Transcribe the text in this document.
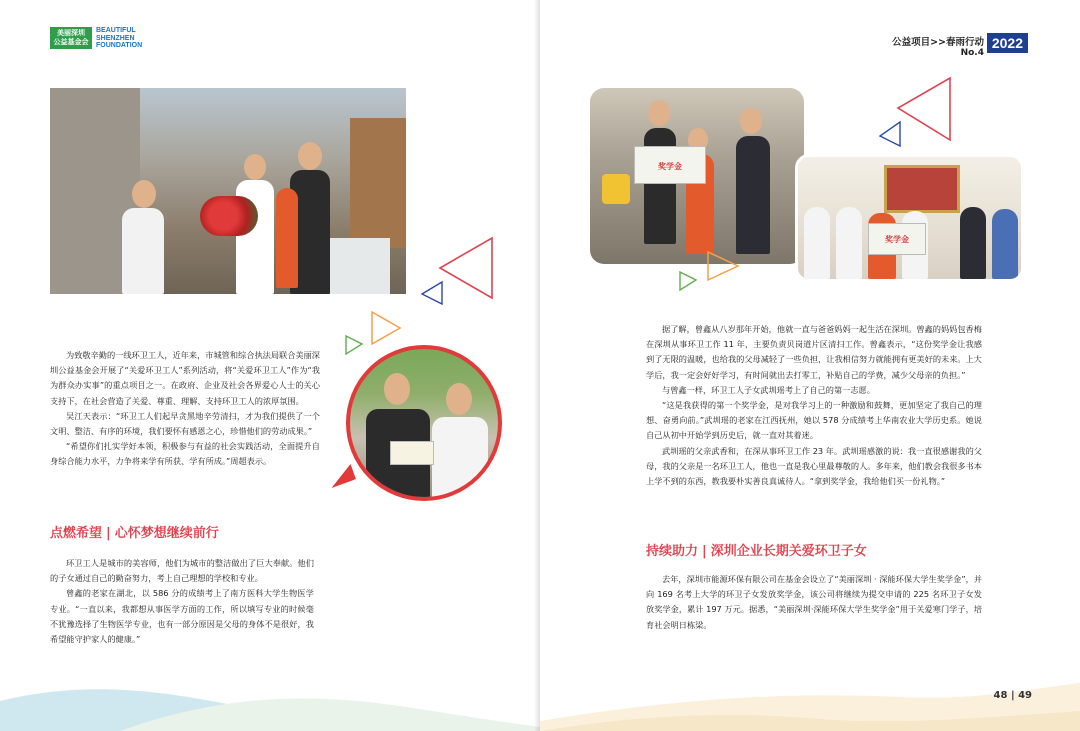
美丽深圳
公益基金会
BEAUTIFUL
SHENZHEN
FOUNDATION

为致敬辛勤的一线环卫工人，近年来，市城管和综合执法局联合美丽深圳公益基金会开展了“关爱环卫工人”系列活动，将“关爱环卫工人”作为“我为群众办实事”的重点项目之一。在政府、企业及社会各界爱心人士的关心支持下，在社会营造了关爱、尊重、理解、支持环卫工人的浓厚氛围。

吴江天表示：“环卫工人们起早贪黑地辛劳清扫，才为我们提供了一个文明、整洁、有序的环境，我们要怀有感恩之心，珍惜他们的劳动成果。”

“希望你们扎实学好本领，积极参与有益的社会实践活动，全面提升自身综合能力水平，力争将来学有所获、学有所成。”周超表示。

点燃希望 | 心怀梦想继续前行

环卫工人是城市的美容师，他们为城市的整洁做出了巨大奉献。他们的子女通过自己的勤奋努力，考上自己理想的学校和专业。

曾鑫的老家在湖北，以 586 分的成绩考上了南方医科大学生物医学专业。“一直以来，我都想从事医学方面的工作，所以填写专业的时候毫不犹豫选择了生物医学专业，也有一部分原因是父母的身体不是很好，我希望能守护家人的健康。”

公益项目>>春雨行动
No.4
2022
奖学金
奖学金

据了解，曾鑫从八岁那年开始，他就一直与爸爸妈妈一起生活在深圳。曾鑫的妈妈包香梅在深圳从事环卫工作 11 年，主要负责贝岗道片区清扫工作。曾鑫表示，“这份奖学金让我感到了无限的温暖，也给我的父母减轻了一些负担，让我相信努力就能拥有更美好的未来。上大学后，我一定会好好学习，有时间就出去打零工，补贴自己的学费，减少父母亲的负担。”

与曾鑫一样，环卫工人子女武圳瑶考上了自己的第一志愿。

“这是我获得的第一个奖学金，是对我学习上的一种激励和鼓舞，更加坚定了我自己的理想、奋勇向前。”武圳瑶的老家在江西抚州，她以 578 分成绩考上华南农业大学历史系。她说自己从初中开始学到历史后，就一直对其着迷。

武圳瑶的父亲武香和，在深从事环卫工作 23 年。武圳瑶感激的说：我一直很感谢我的父母，我的父亲是一名环卫工人，他也一直是我心里最尊敬的人。多年来，他们教会我很多书本上学不到的东西，教我要朴实善良真诚待人。“拿到奖学金，我给他们买一份礼物。”

持续助力 | 深圳企业长期关爱环卫子女

去年，深圳市能源环保有限公司在基金会设立了“美丽深圳 · 深能环保大学生奖学金”，并向 169 名考上大学的环卫子女发放奖学金，该公司将继续为提交申请的 225 名环卫子女发放奖学金，累计 197 万元。据悉，“美丽深圳·深能环保大学生奖学金”用于关爱寒门学子，培育社会明日栋梁。

48 | 49
